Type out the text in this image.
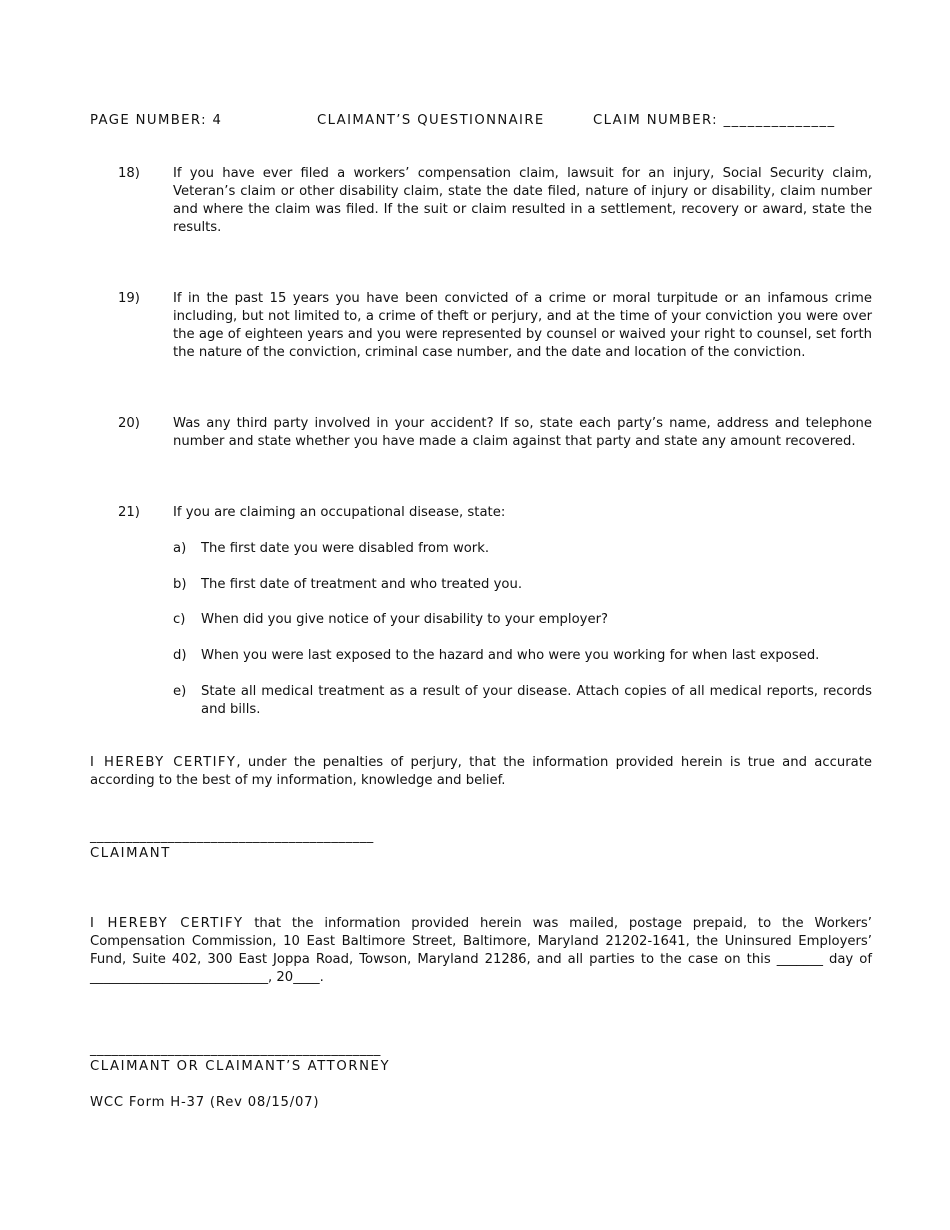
PAGE NUMBER: 4	CLAIMANT’S QUESTIONNAIRE	CLAIM NUMBER: ______________
18)	If you have ever filed a workers’ compensation claim, lawsuit for an injury, Social Security claim, Veteran’s claim or other disability claim, state the date filed, nature of injury or disability, claim number and where the claim was filed. If the suit or claim resulted in a settlement, recovery or award, state the results.
19)	If in the past 15 years you have been convicted of a crime or moral turpitude or an infamous crime including, but not limited to, a crime of theft or perjury, and at the time of your conviction you were over the age of eighteen years and you were represented by counsel or waived your right to counsel, set forth the nature of the conviction, criminal case number, and the date and location of the conviction.
20)	Was any third party involved in your accident? If so, state each party’s name, address and telephone number and state whether you have made a claim against that party and state any amount recovered.
21)	If you are claiming an occupational disease, state:
a) The first date you were disabled from work.
b) The first date of treatment and who treated you.
c) When did you give notice of your disability to your employer?
d) When you were last exposed to the hazard and who were you working for when last exposed.
e) State all medical treatment as a result of your disease. Attach copies of all medical reports, records and bills.
I HEREBY CERTIFY, under the penalties of perjury, that the information provided herein is true and accurate according to the best of my information, knowledge and belief.
________________________________________
CLAIMANT
I HEREBY CERTIFY that the information provided herein was mailed, postage prepaid, to the Workers’ Compensation Commission, 10 East Baltimore Street, Baltimore, Maryland 21202-1641, the Uninsured Employers’ Fund, Suite 402, 300 East Joppa Road, Towson, Maryland 21286, and all parties to the case on this _______ day of ___________________________, 20____.
_________________________________________
CLAIMANT OR CLAIMANT’S ATTORNEY
WCC Form H-37 (Rev 08/15/07)
